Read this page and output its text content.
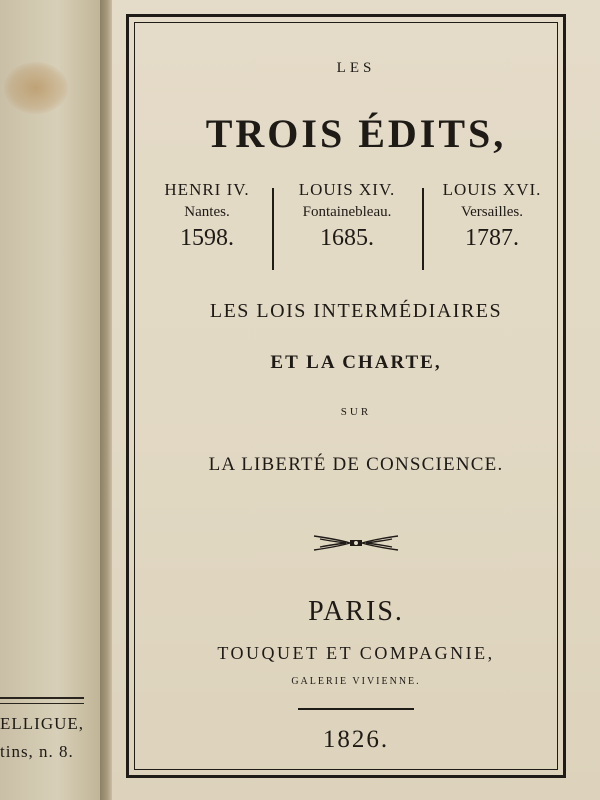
ELLIGUE,
tins, n. 8.
LES
TROIS ÉDITS,
HENRI IV.
Nantes.
1598.
LOUIS XIV.
Fontainebleau.
1685.
LOUIS XVI.
Versailles.
1787.
LES LOIS INTERMÉDIAIRES
ET LA CHARTE,
SUR
LA LIBERTÉ DE CONSCIENCE.
PARIS.
TOUQUET ET COMPAGNIE,
GALERIE VIVIENNE.
1826.
